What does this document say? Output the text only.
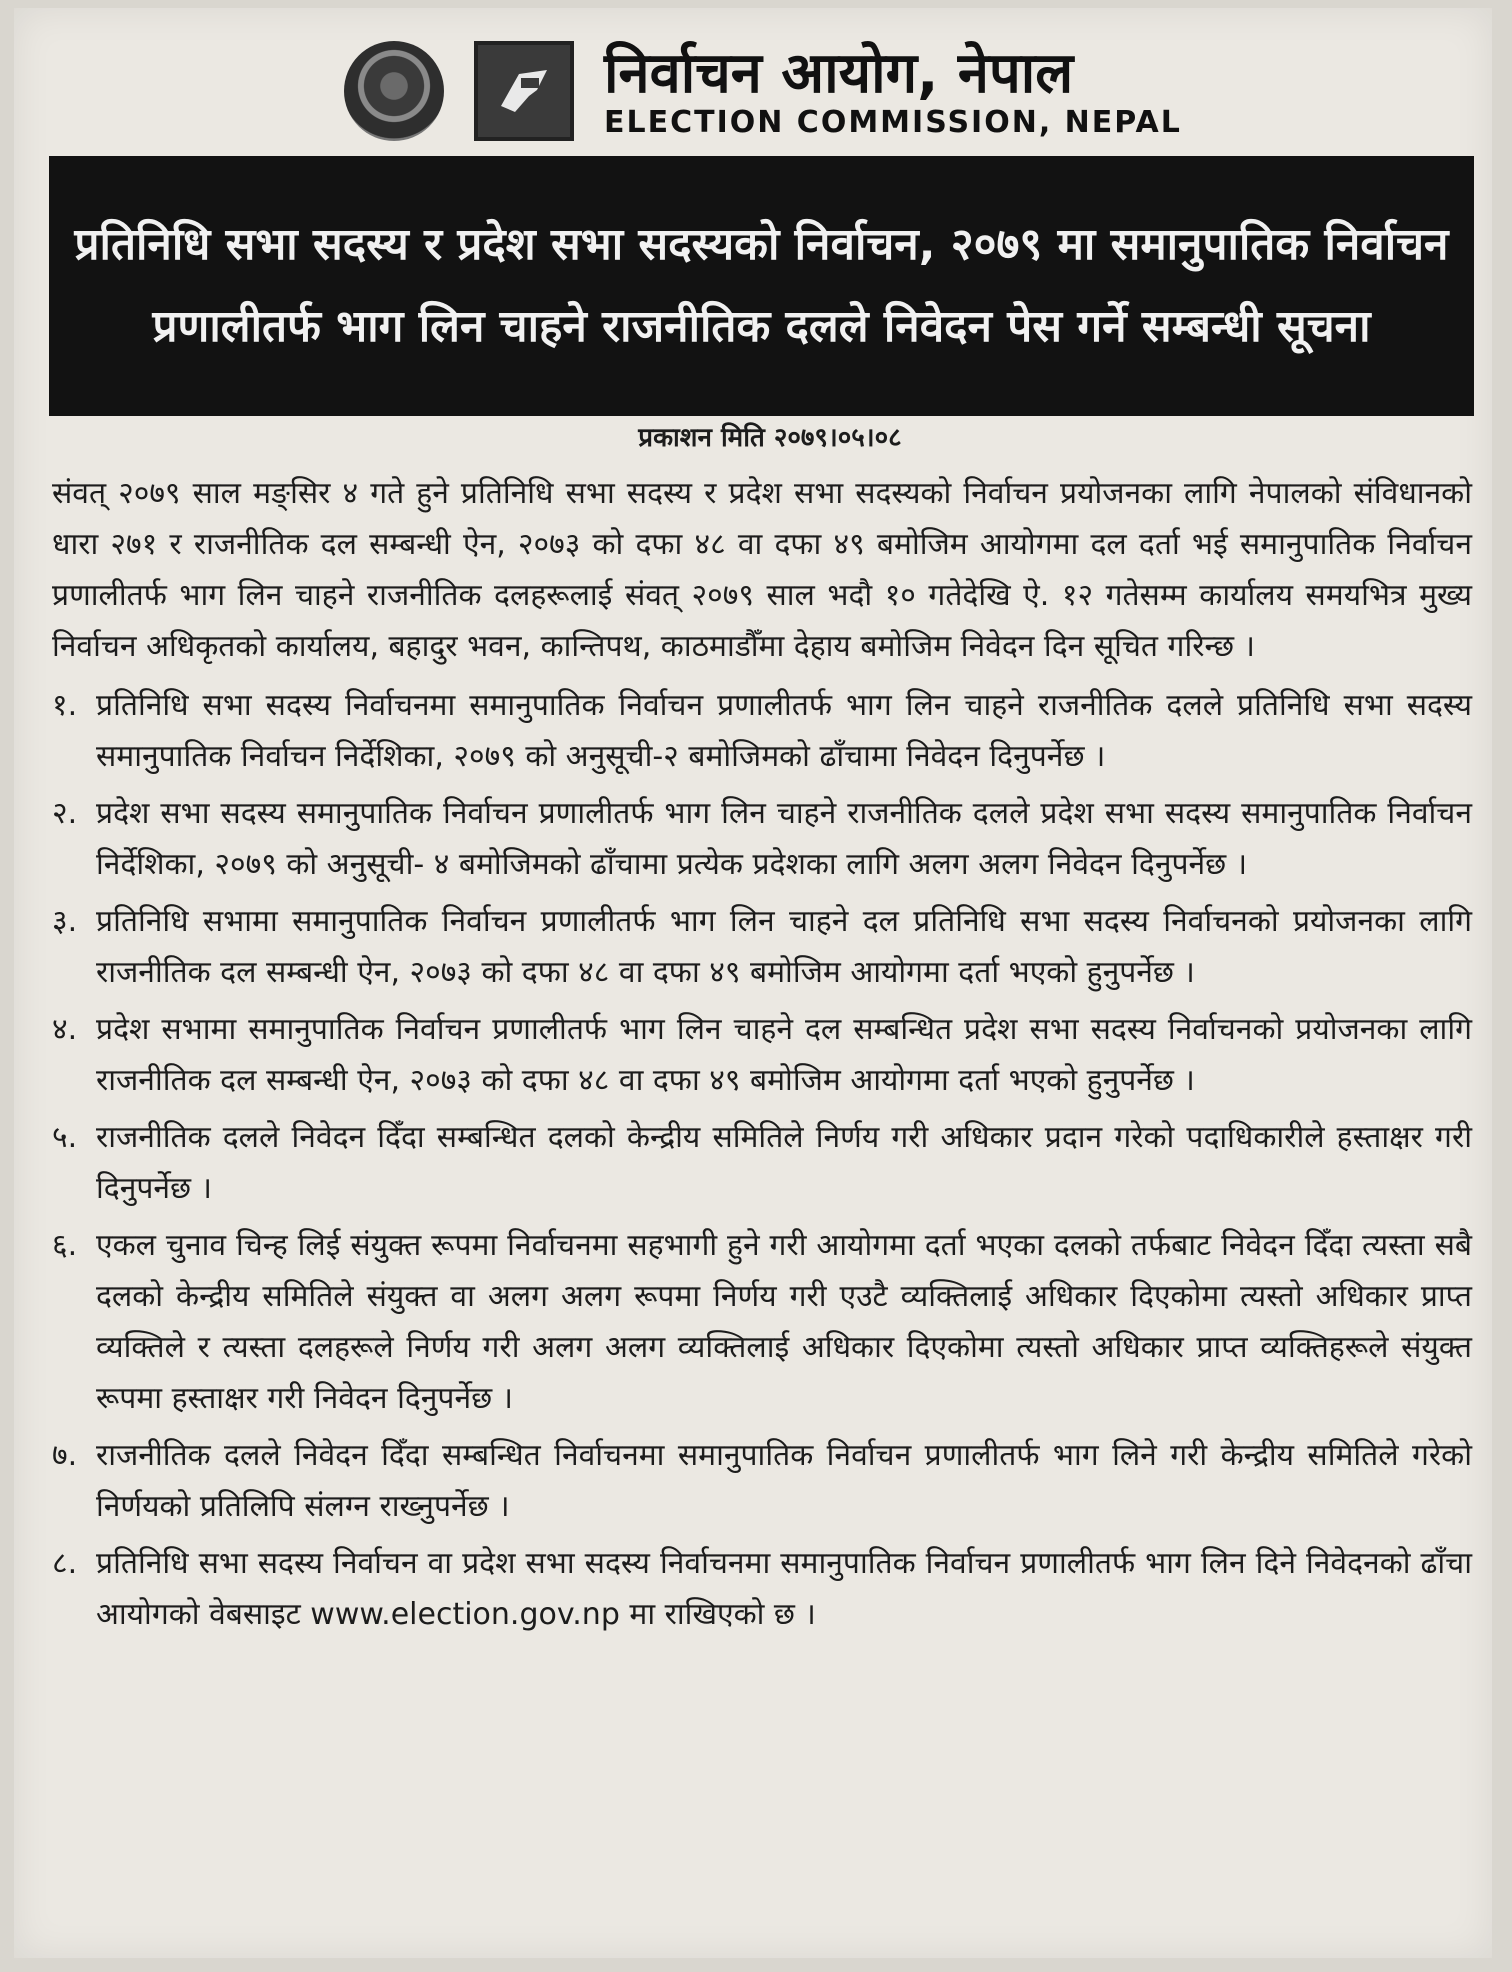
निर्वाचन आयोग, नेपाल
ELECTION COMMISSION, NEPAL
प्रतिनिधि सभा सदस्य र प्रदेश सभा सदस्यको निर्वाचन, २०७९ मा समानुपातिक निर्वाचन प्रणालीतर्फ भाग लिन चाहने राजनीतिक दलले निवेदन पेस गर्ने सम्बन्धी सूचना
प्रकाशन मिति २०७९।०५।०८

संवत् २०७९ साल मङ्सिर ४ गते हुने प्रतिनिधि सभा सदस्य र प्रदेश सभा सदस्यको निर्वाचन प्रयोजनका लागि नेपालको संविधानको धारा २७१ र राजनीतिक दल सम्बन्धी ऐन, २०७३ को दफा ४८ वा दफा ४९ बमोजिम आयोगमा दल दर्ता भई समानुपातिक निर्वाचन प्रणालीतर्फ भाग लिन चाहने राजनीतिक दलहरूलाई संवत् २०७९ साल भदौ १० गतेदेखि ऐ. १२ गतेसम्म कार्यालय समयभित्र मुख्य निर्वाचन अधिकृतको कार्यालय, बहादुर भवन, कान्तिपथ, काठमाडौँमा देहाय बमोजिम निवेदन दिन सूचित गरिन्छ ।

१. प्रतिनिधि सभा सदस्य निर्वाचनमा समानुपातिक निर्वाचन प्रणालीतर्फ भाग लिन चाहने राजनीतिक दलले प्रतिनिधि सभा सदस्य समानुपातिक निर्वाचन निर्देशिका, २०७९ को अनुसूची-२ बमोजिमको ढाँचामा निवेदन दिनुपर्नेछ ।
२. प्रदेश सभा सदस्य समानुपातिक निर्वाचन प्रणालीतर्फ भाग लिन चाहने राजनीतिक दलले प्रदेश सभा सदस्य समानुपातिक निर्वाचन निर्देशिका, २०७९ को अनुसूची- ४ बमोजिमको ढाँचामा प्रत्येक प्रदेशका लागि अलग अलग निवेदन दिनुपर्नेछ ।
३. प्रतिनिधि सभामा समानुपातिक निर्वाचन प्रणालीतर्फ भाग लिन चाहने दल प्रतिनिधि सभा सदस्य निर्वाचनको प्रयोजनका लागि राजनीतिक दल सम्बन्धी ऐन, २०७३ को दफा ४८ वा दफा ४९ बमोजिम आयोगमा दर्ता भएको हुनुपर्नेछ ।
४. प्रदेश सभामा समानुपातिक निर्वाचन प्रणालीतर्फ भाग लिन चाहने दल सम्बन्धित प्रदेश सभा सदस्य निर्वाचनको प्रयोजनका लागि राजनीतिक दल सम्बन्धी ऐन, २०७३ को दफा ४८ वा दफा ४९ बमोजिम आयोगमा दर्ता भएको हुनुपर्नेछ ।
५. राजनीतिक दलले निवेदन दिँदा सम्बन्धित दलको केन्द्रीय समितिले निर्णय गरी अधिकार प्रदान गरेको पदाधिकारीले हस्ताक्षर गरी दिनुपर्नेछ ।
६. एकल चुनाव चिन्ह लिई संयुक्त रूपमा निर्वाचनमा सहभागी हुने गरी आयोगमा दर्ता भएका दलको तर्फबाट निवेदन दिँदा त्यस्ता सबै दलको केन्द्रीय समितिले संयुक्त वा अलग अलग रूपमा निर्णय गरी एउटै व्यक्तिलाई अधिकार दिएकोमा त्यस्तो अधिकार प्राप्त व्यक्तिले र त्यस्ता दलहरूले निर्णय गरी अलग अलग व्यक्तिलाई अधिकार दिएकोमा त्यस्तो अधिकार प्राप्त व्यक्तिहरूले संयुक्त रूपमा हस्ताक्षर गरी निवेदन दिनुपर्नेछ ।
७. राजनीतिक दलले निवेदन दिँदा सम्बन्धित निर्वाचनमा समानुपातिक निर्वाचन प्रणालीतर्फ भाग लिने गरी केन्द्रीय समितिले गरेको निर्णयको प्रतिलिपि संलग्न राख्नुपर्नेछ ।
८. प्रतिनिधि सभा सदस्य निर्वाचन वा प्रदेश सभा सदस्य निर्वाचनमा समानुपातिक निर्वाचन प्रणालीतर्फ भाग लिन दिने निवेदनको ढाँचा आयोगको वेबसाइट www.election.gov.np मा राखिएको छ ।
